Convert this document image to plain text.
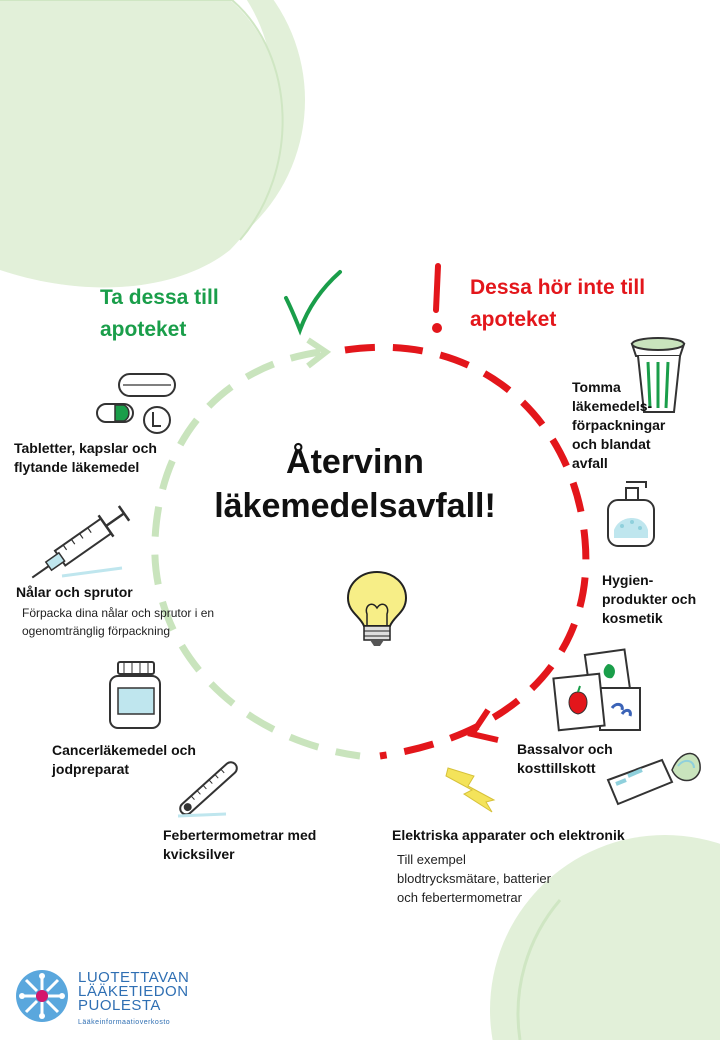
Ta dessa till apoteket
Dessa hör inte till apoteket
Återvinn läkemedelsavfall!
Tabletter, kapslar och flytande läkemedel
Nålar och sprutor
Förpacka dina nålar och sprutor i en ogenomtränglig förpackning
Cancerläkemedel och jodpreparat
Febertermometrar med kvicksilver
Tomma läkemedels-förpackningar och blandat avfall
Hygien-produkter och kosmetik
Bassalvor och kosttillskott
Elektriska apparater och elektronik
Till exempel blodtrycksmätare, batterier och febertermometrar
LUOTETTAVAN
LÄÄKETIEDON
PUOLESTA
Lääkeinformaatioverkosto
